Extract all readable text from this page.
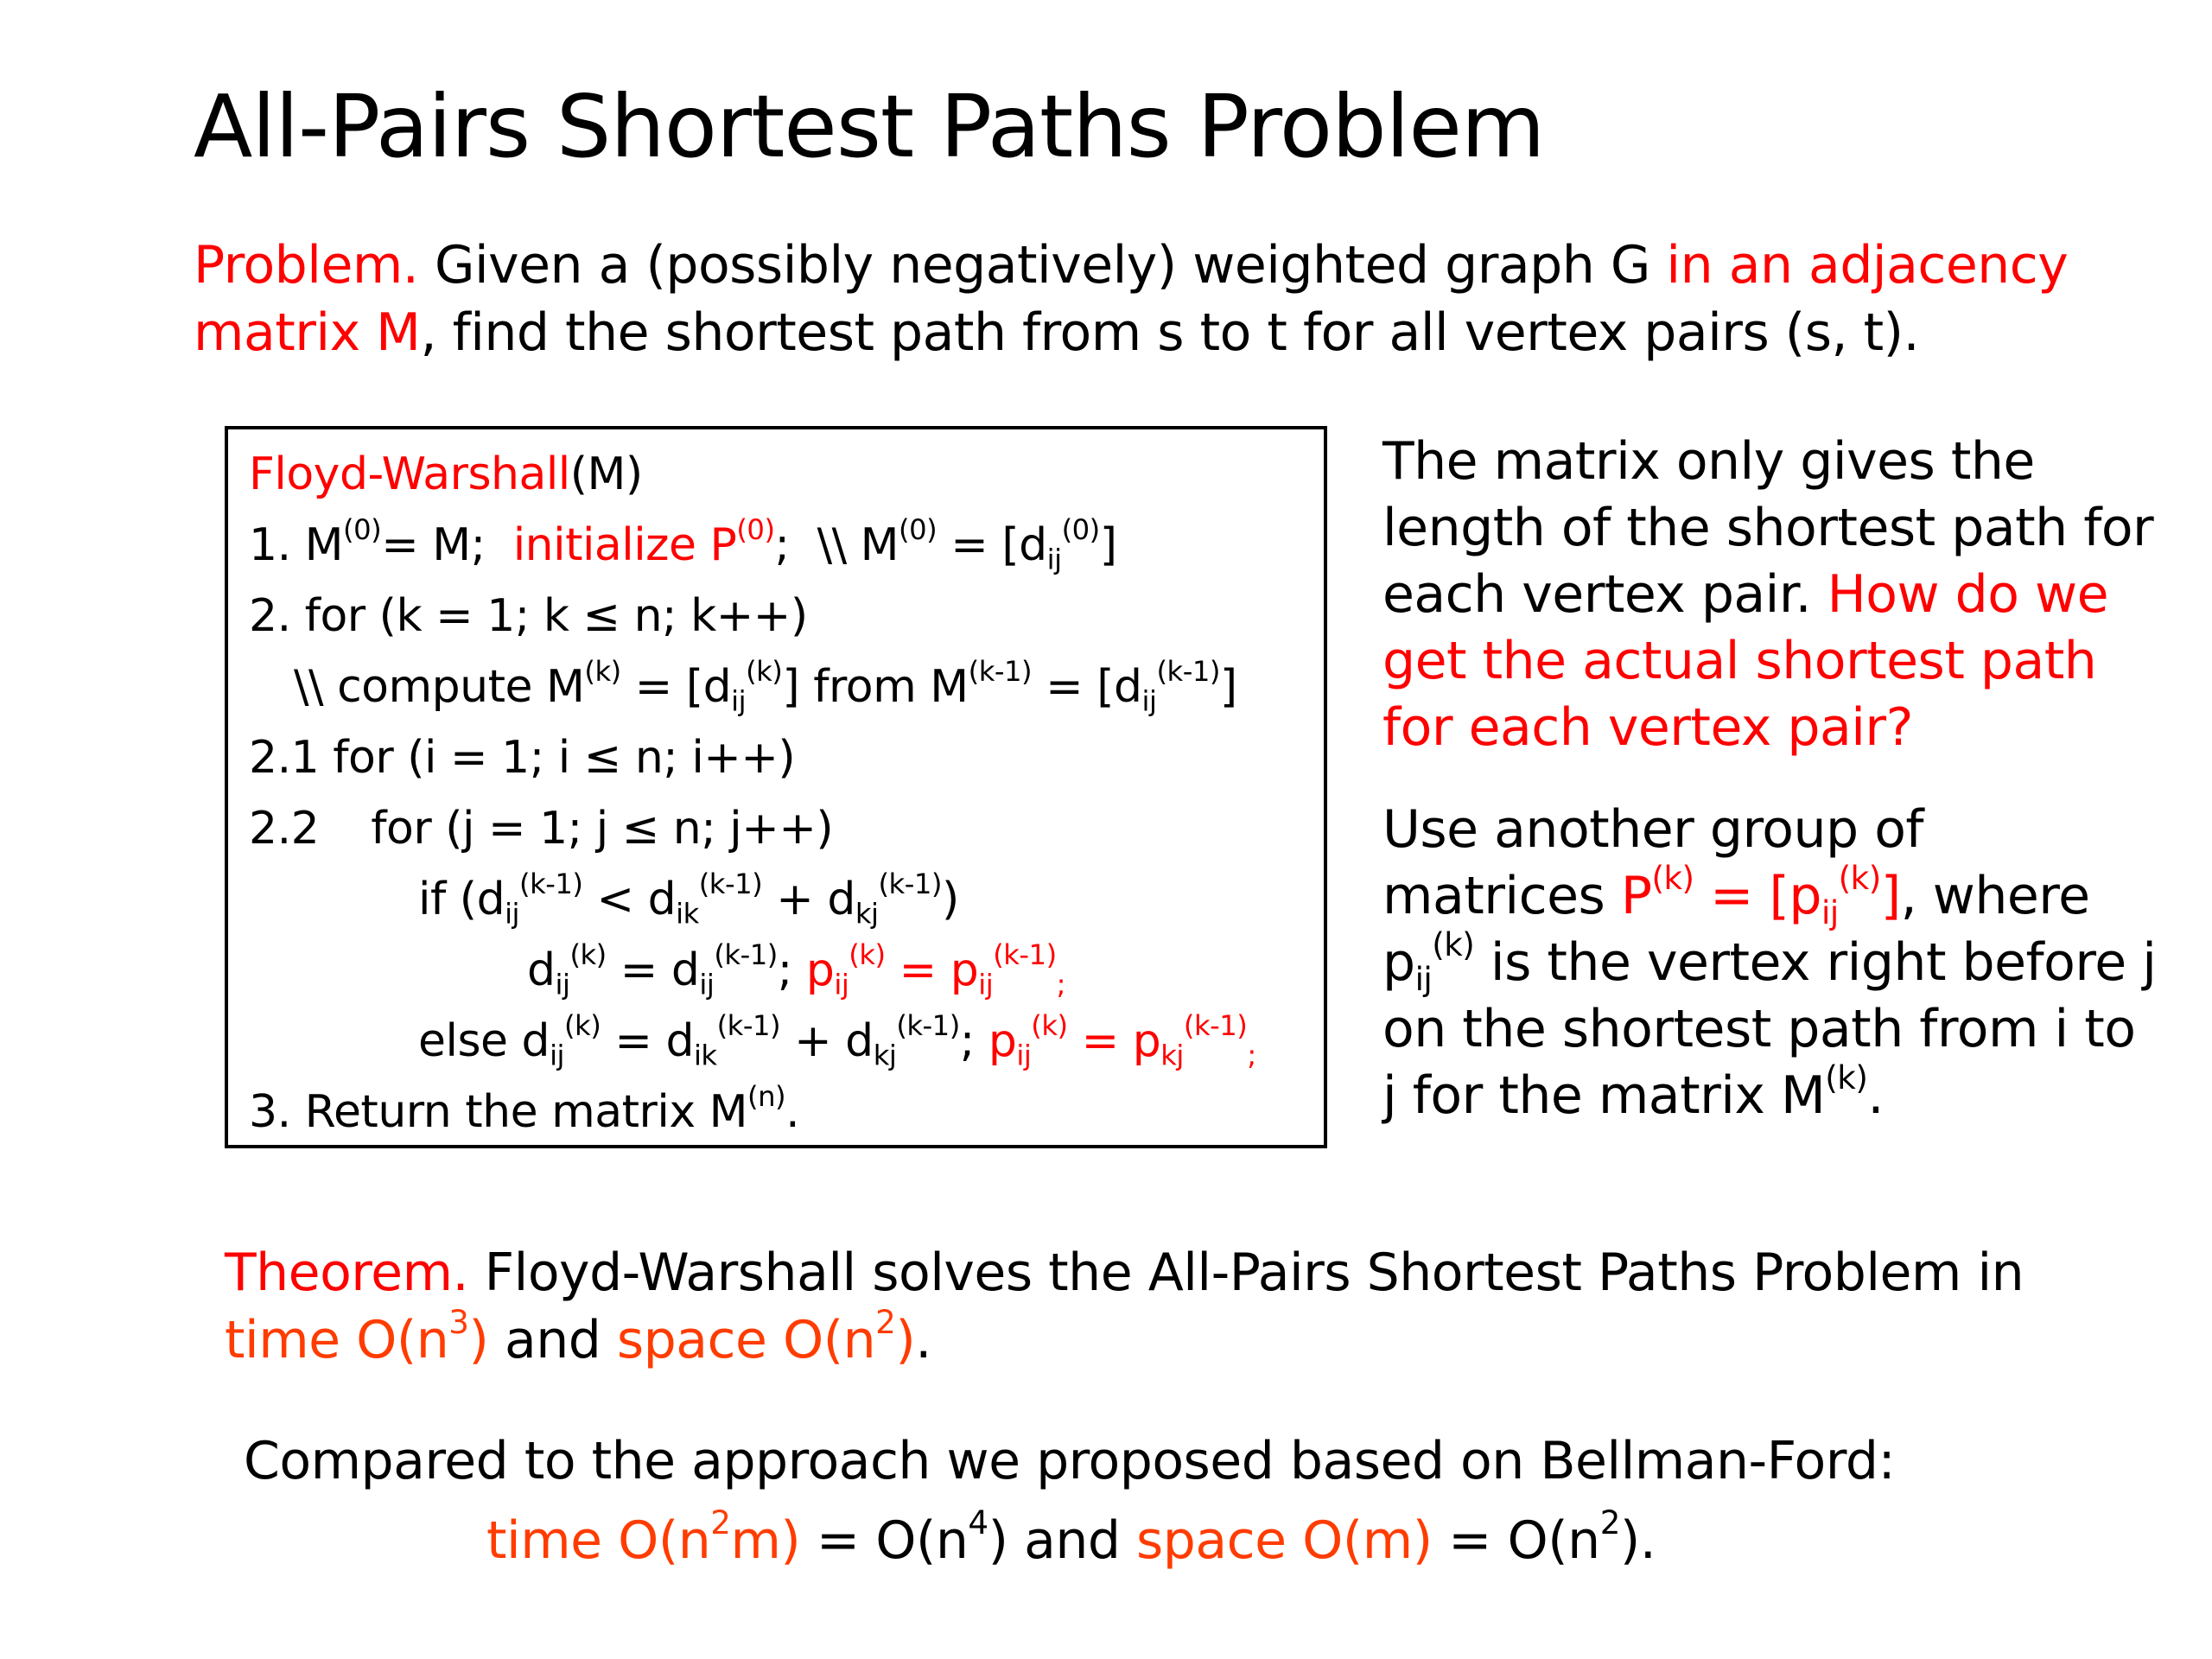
All-Pairs Shortest Paths Problem
Problem. Given a (possibly negatively) weighted graph G in an adjacency matrix M, find the shortest path from s to t for all vertex pairs (s, t).
Floyd-Warshall(M)
1. $M^{(0)}= M$;  initialize $P^{(0)}$;  \\ $M^{(0)} = [d_{ij}^{(0)}]$
2. for (k = 1; k ≤ n; k++)
\\ compute $M^{(k)} = [d_{ij}^{(k)}]$ from $M^{(k-1)} = [d_{ij}^{(k-1)}]$
2.1 for (i = 1; i ≤ n; i++)
2.2 for (j = 1; j ≤ n; j++)
if $(d_{ij}^{(k-1)} < d_{ik}^{(k-1)} + d_{kj}^{(k-1)})$
$d_{ij}^{(k)} = d_{ij}^{(k-1)}$; $p_{ij}^{(k)} = p_{ij}^{(k-1)}_;$
else $d_{ij}^{(k)} = d_{ik}^{(k-1)} + d_{kj}^{(k-1)}$; $p_{ij}^{(k)} = p_{kj}^{(k-1)}_;$
3. Return the matrix $M^{(n)}$.
The matrix only gives the length of the shortest path for each vertex pair. How do we get the actual shortest path for each vertex pair?
Use another group of matrices $P^{(k)} = [p_{ij}^{(k)}]$, where $p_{ij}^{(k)}$ is the vertex right before j on the shortest path from i to j for the matrix $M^{(k)}$.
Theorem. Floyd-Warshall solves the All-Pairs Shortest Paths Problem in time $O(n^3)$ and space $O(n^2)$.
Compared to the approach we proposed based on Bellman-Ford:
time $O(n^2m) = O(n^4)$ and space $O(m) = O(n^2)$.
